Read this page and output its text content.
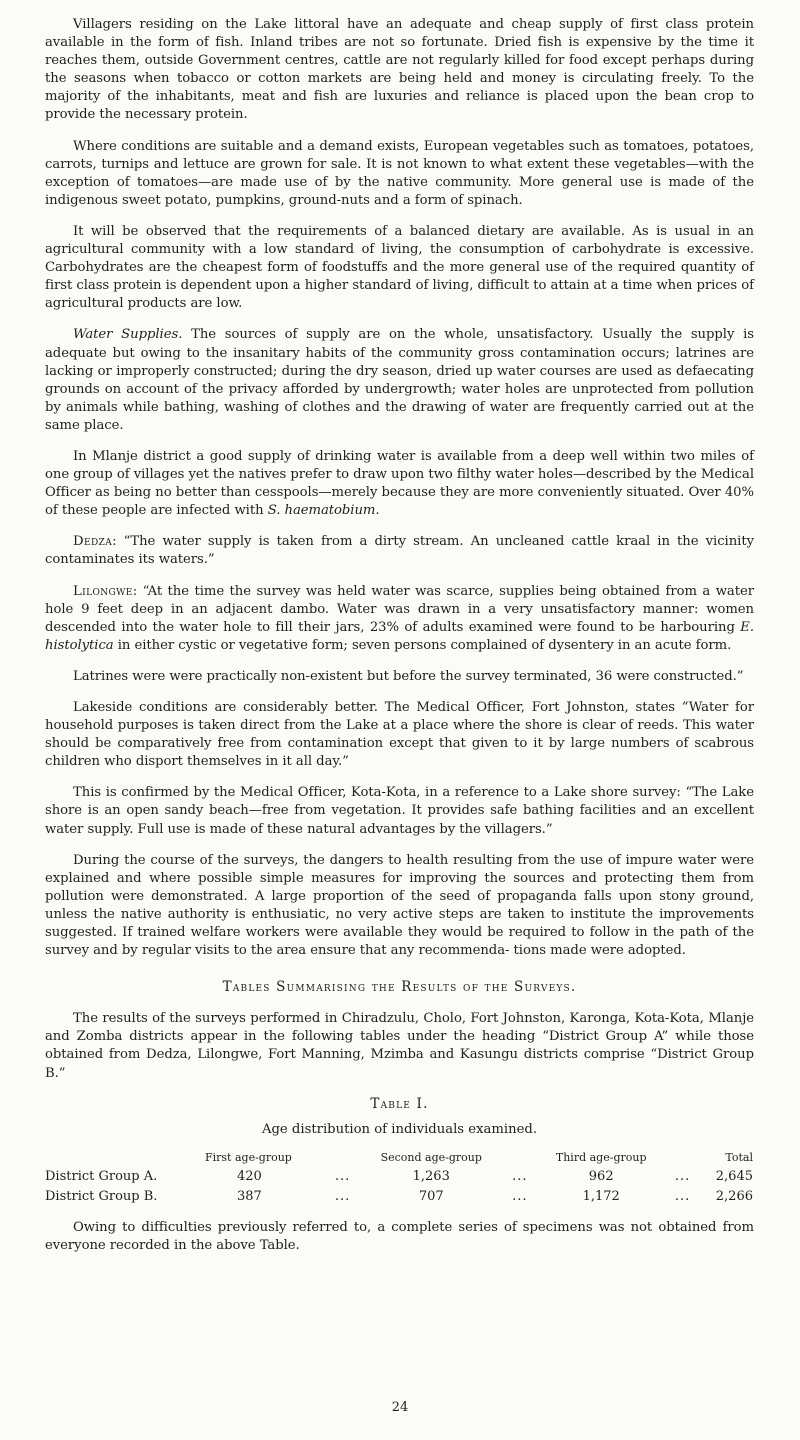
Villagers residing on the Lake littoral have an adequate and cheap supply of first class protein available in the form of fish. Inland tribes are not so fortunate. Dried fish is expensive by the time it reaches them, outside Government centres, cattle are not regularly killed for food except perhaps during the seasons when tobacco or cotton markets are being held and money is circulating freely. To the majority of the inhabitants, meat and fish are luxuries and reliance is placed upon the bean crop to provide the necessary protein.

Where conditions are suitable and a demand exists, European vegetables such as tomatoes, potatoes, carrots, turnips and lettuce are grown for sale. It is not known to what extent these vegetables—with the exception of tomatoes—are made use of by the native community. More general use is made of the indigenous sweet potato, pumpkins, ground-nuts and a form of spinach.

It will be observed that the requirements of a balanced dietary are available. As is usual in an agricultural community with a low standard of living, the consumption of carbohydrate is excessive. Carbohydrates are the cheapest form of foodstuffs and the more general use of the required quantity of first class protein is dependent upon a higher standard of living, difficult to attain at a time when prices of agricultural products are low.

Water Supplies. The sources of supply are on the whole, unsatisfactory. Usually the supply is adequate but owing to the insanitary habits of the community gross contamination occurs; latrines are lacking or improperly constructed; during the dry season, dried up water courses are used as defaecating grounds on account of the privacy afforded by undergrowth; water holes are unprotected from pollution by animals while bathing, washing of clothes and the drawing of water are frequently carried out at the same place.

In Mlanje district a good supply of drinking water is available from a deep well within two miles of one group of villages yet the natives prefer to draw upon two filthy water holes—described by the Medical Officer as being no better than cesspools—merely because they are more conveniently situated. Over 40% of these people are infected with S. haematobium.

Dedza: “The water supply is taken from a dirty stream. An uncleaned cattle kraal in the vicinity contaminates its waters.”

Lilongwe: “At the time the survey was held water was scarce, supplies being obtained from a water hole 9 feet deep in an adjacent dambo. Water was drawn in a very unsatisfactory manner: women descended into the water hole to fill their jars, 23% of adults examined were found to be harbouring E. histolytica in either cystic or vegetative form; seven persons complained of dysentery in an acute form.

Latrines were were practically non-existent but before the survey terminated, 36 were constructed.”

Lakeside conditions are considerably better. The Medical Officer, Fort Johnston, states “Water for household purposes is taken direct from the Lake at a place where the shore is clear of reeds. This water should be comparatively free from contamination except that given to it by large numbers of scabrous children who disport themselves in it all day.”

This is confirmed by the Medical Officer, Kota-Kota, in a reference to a Lake shore survey: “The Lake shore is an open sandy beach—free from vegetation. It provides safe bathing facilities and an excellent water supply. Full use is made of these natural advantages by the villagers.”

During the course of the surveys, the dangers to health resulting from the use of impure water were explained and where possible simple measures for improving the sources and protecting them from pollution were demonstrated. A large proportion of the seed of propaganda falls upon stony ground, unless the native authority is enthusiatic, no very active steps are taken to institute the improvements suggested. If trained welfare workers were available they would be required to follow in the path of the survey and by regular visits to the area ensure that any recommenda- tions made were adopted.

Tables Summarising the Results of the Surveys.

The results of the surveys performed in Chiradzulu, Cholo, Fort Johnston, Karonga, Kota-Kota, Mlanje and Zomba districts appear in the following tables under the heading “District Group A” while those obtained from Dedza, Lilongwe, Fort Manning, Mzimba and Kasungu districts comprise “District Group B.”

Table I.
Age distribution of individuals examined.
	First age-group		Second age-group		Third age-group		Total
District Group A.	420	...	1,263	...	962	...	2,645
District Group B.	387	...	707	...	1,172	...	2,266

Owing to difficulties previously referred to, a complete series of specimens was not obtained from everyone recorded in the above Table.

24
